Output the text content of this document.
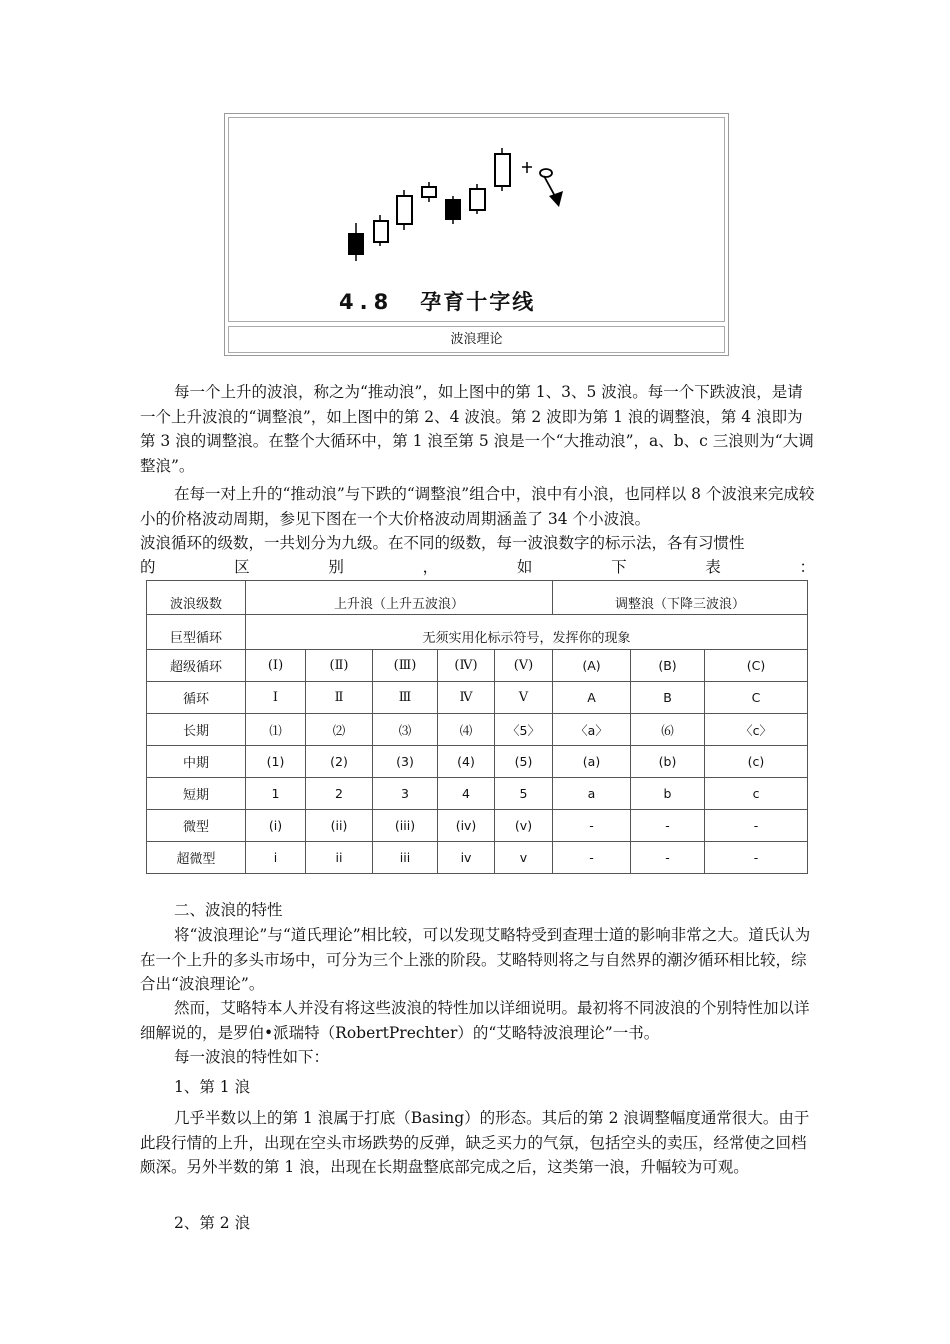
4.8 孕育十字线
波浪理论

每一个上升的波浪，称之为“推动浪”，如上图中的第 1、3、5 波浪。每一个下跌波浪，是请一个上升波浪的“调整浪”，如上图中的第 2、4 波浪。第 2 波即为第 1 浪的调整浪，第 4 浪即为第 3 浪的调整浪。在整个大循环中，第 1 浪至第 5 浪是一个“大推动浪”，a、b、c 三浪则为“大调整浪”。

在每一对上升的“推动浪”与下跌的“调整浪”组合中，浪中有小浪，也同样以 8 个波浪来完成较小的价格波动周期，参见下图在一个大价格波动周期涵盖了 34 个小波浪。

波浪循环的级数，一共划分为九级。在不同的级数，每一波浪数字的标示法，各有习惯性

的 区 别 ， 如 下 表 ：

波浪级数	上升浪（上升五波浪）					调整浪（下降三波浪）		
巨型循环	无须实用化标示符号，发挥你的现象							
超级循环	(Ⅰ)	(Ⅱ)	(Ⅲ)	(Ⅳ)	(Ⅴ)	(A)	(B)	(C)
循环	Ⅰ	Ⅱ	Ⅲ	Ⅳ	Ⅴ	A	B	C
长期	⑴	⑵	⑶	⑷	〈5〉	〈a〉	⑹	〈c〉
中期	(1)	(2)	(3)	(4)	(5)	(a)	(b)	(c)
短期	1	2	3	4	5	a	b	c
微型	(i)	(ii)	(iii)	(iv)	(v)	-	-	-
超微型	i	ii	iii	iv	v	-	-	-

二、波浪的特性

将“波浪理论”与“道氏理论”相比较，可以发现艾略特受到查理士道的影响非常之大。道氏认为在一个上升的多头市场中，可分为三个上涨的阶段。艾略特则将之与自然界的潮汐循环相比较，综合出“波浪理论”。

然而，艾略特本人并没有将这些波浪的特性加以详细说明。最初将不同波浪的个别特性加以详细解说的，是罗伯•派瑞特（RobertPrechter）的“艾略特波浪理论”一书。

每一波浪的特性如下：

1、第 1 浪

几乎半数以上的第 1 浪属于打底（Basing）的形态。其后的第 2 浪调整幅度通常很大。由于此段行情的上升，出现在空头市场跌势的反弹，缺乏买力的气氛，包括空头的卖压，经常使之回档颇深。另外半数的第 1 浪，出现在长期盘整底部完成之后，这类第一浪，升幅较为可观。

2、第 2 浪
